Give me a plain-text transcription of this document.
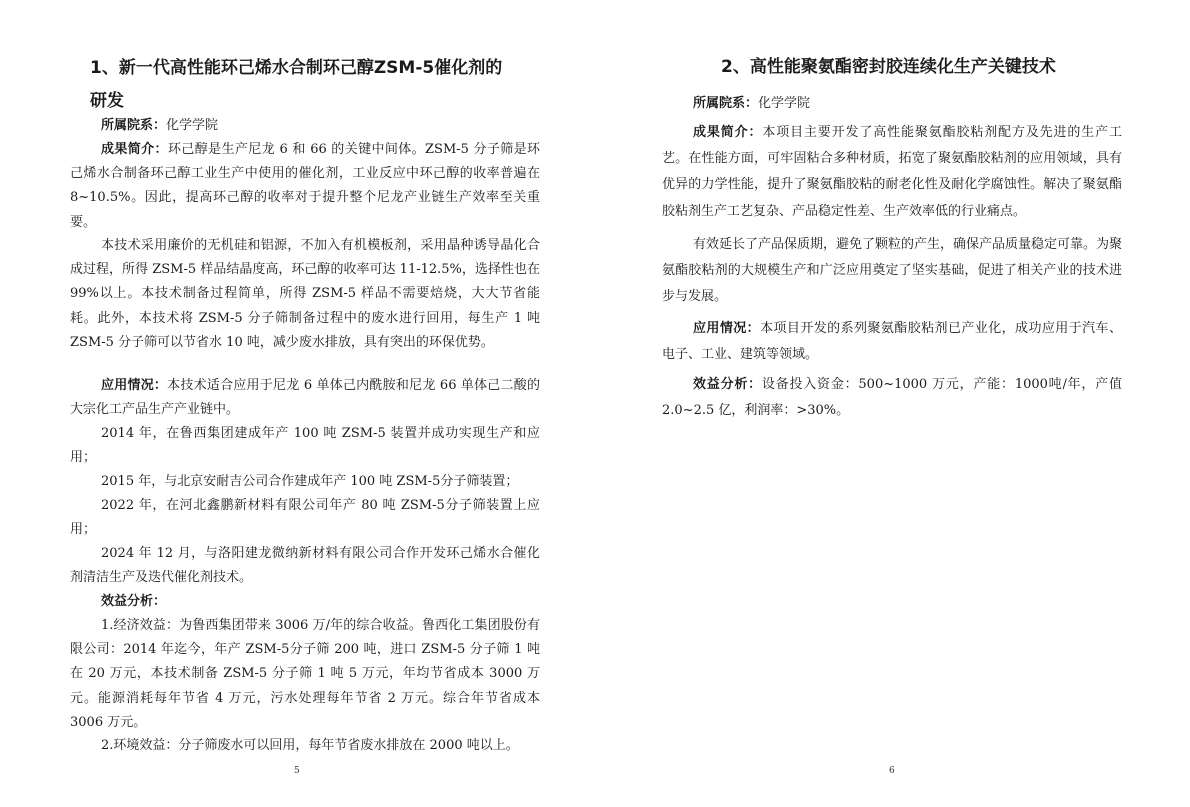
1、新一代高性能环己烯水合制环己醇ZSM-5催化剂的研发

所属院系：化学学院

成果简介：环己醇是生产尼龙 6 和 66 的关键中间体。ZSM-5 分子筛是环己烯水合制备环己醇工业生产中使用的催化剂，工业反应中环己醇的收率普遍在 8~10.5%。因此，提高环己醇的收率对于提升整个尼龙产业链生产效率至关重要。

本技术采用廉价的无机硅和铝源，不加入有机模板剂，采用晶种诱导晶化合成过程，所得 ZSM-5 样品结晶度高，环己醇的收率可达 11-12.5%，选择性也在 99%以上。本技术制备过程简单，所得 ZSM-5 样品不需要焙烧，大大节省能耗。此外，本技术将 ZSM-5 分子筛制备过程中的废水进行回用，每生产 1 吨 ZSM-5 分子筛可以节省水 10 吨，减少废水排放，具有突出的环保优势。

应用情况：本技术适合应用于尼龙 6 单体己内酰胺和尼龙 66 单体己二酸的大宗化工产品生产产业链中。

2014 年，在鲁西集团建成年产 100 吨 ZSM-5 装置并成功实现生产和应用；

2015 年，与北京安耐吉公司合作建成年产 100 吨 ZSM-5分子筛装置；

2022 年，在河北鑫鹏新材料有限公司年产 80 吨 ZSM-5分子筛装置上应用；

2024 年 12 月，与洛阳建龙微纳新材料有限公司合作开发环己烯水合催化剂清洁生产及迭代催化剂技术。

效益分析：

1.经济效益：为鲁西集团带来 3006 万/年的综合收益。鲁西化工集团股份有限公司：2014 年迄今，年产 ZSM-5分子筛 200 吨，进口 ZSM-5 分子筛 1 吨在 20 万元，本技术制备 ZSM-5 分子筛 1 吨 5 万元，年均节省成本 3000 万元。能源消耗每年节省 4 万元，污水处理每年节省 2 万元。综合年节省成本 3006 万元。

2.环境效益：分子筛废水可以回用，每年节省废水排放在 2000 吨以上。

5
2、高性能聚氨酯密封胶连续化生产关键技术

所属院系：化学学院

成果简介：本项目主要开发了高性能聚氨酯胶粘剂配方及先进的生产工艺。在性能方面，可牢固粘合多种材质，拓宽了聚氨酯胶粘剂的应用领域，具有优异的力学性能，提升了聚氨酯胶粘的耐老化性及耐化学腐蚀性。解决了聚氨酯胶粘剂生产工艺复杂、产品稳定性差、生产效率低的行业痛点。

有效延长了产品保质期，避免了颗粒的产生，确保产品质量稳定可靠。为聚氨酯胶粘剂的大规模生产和广泛应用奠定了坚实基础，促进了相关产业的技术进步与发展。

应用情况：本项目开发的系列聚氨酯胶粘剂已产业化，成功应用于汽车、电子、工业、建筑等领域。

效益分析：设备投入资金：500~1000 万元，产能：1000吨/年，产值 2.0~2.5 亿，利润率：>30%。

6
